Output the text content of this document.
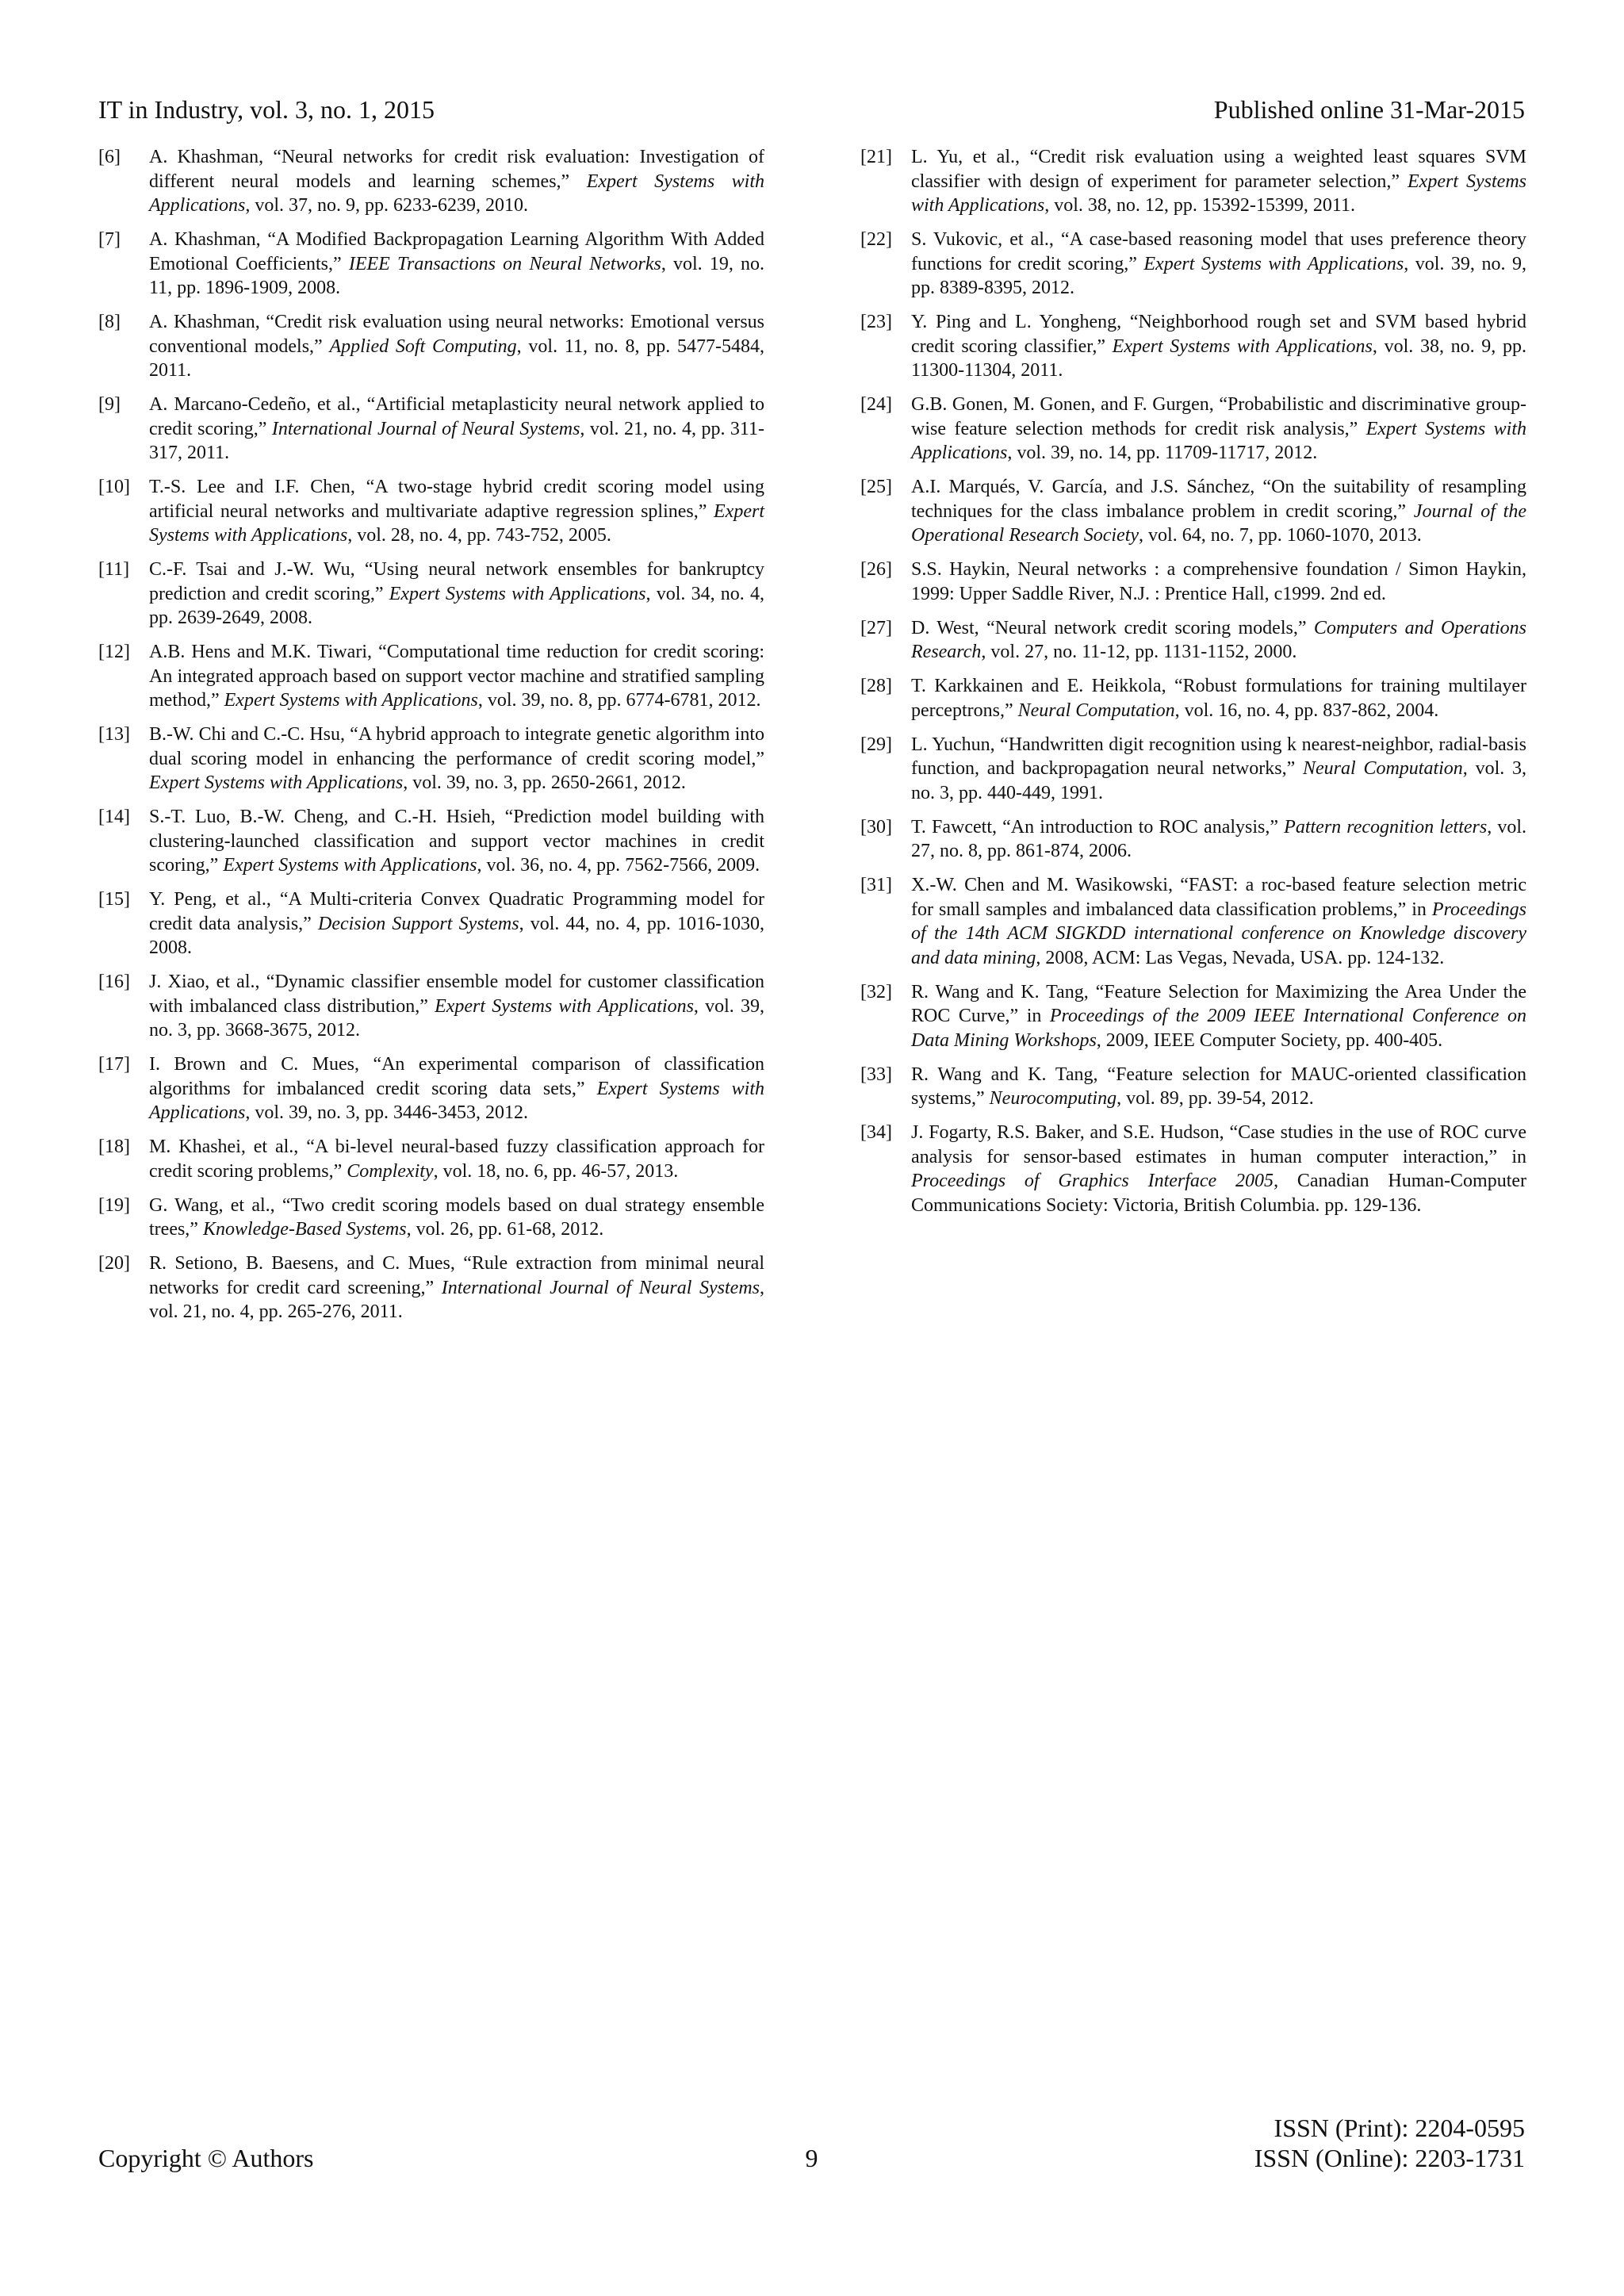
IT in Industry, vol. 3, no. 1, 2015	Published online 31-Mar-2015
[6]	A. Khashman, “Neural networks for credit risk evaluation: Investigation of different neural models and learning schemes,” Expert Systems with Applications, vol. 37, no. 9, pp. 6233-6239, 2010.
[7]	A. Khashman, “A Modified Backpropagation Learning Algorithm With Added Emotional Coefficients,” IEEE Transactions on Neural Networks, vol. 19, no. 11, pp. 1896-1909, 2008.
[8]	A. Khashman, “Credit risk evaluation using neural networks: Emotional versus conventional models,” Applied Soft Computing, vol. 11, no. 8, pp. 5477-5484, 2011.
[9]	A. Marcano-Cedeño, et al., “Artificial metaplasticity neural network applied to credit scoring,” International Journal of Neural Systems, vol. 21, no. 4, pp. 311-317, 2011.
[10]	T.-S. Lee and I.F. Chen, “A two-stage hybrid credit scoring model using artificial neural networks and multivariate adaptive regression splines,” Expert Systems with Applications, vol. 28, no. 4, pp. 743-752, 2005.
[11]	C.-F. Tsai and J.-W. Wu, “Using neural network ensembles for bankruptcy prediction and credit scoring,” Expert Systems with Applications, vol. 34, no. 4, pp. 2639-2649, 2008.
[12]	A.B. Hens and M.K. Tiwari, “Computational time reduction for credit scoring: An integrated approach based on support vector machine and stratified sampling method,” Expert Systems with Applications, vol. 39, no. 8, pp. 6774-6781, 2012.
[13]	B.-W. Chi and C.-C. Hsu, “A hybrid approach to integrate genetic algorithm into dual scoring model in enhancing the performance of credit scoring model,” Expert Systems with Applications, vol. 39, no. 3, pp. 2650-2661, 2012.
[14]	S.-T. Luo, B.-W. Cheng, and C.-H. Hsieh, “Prediction model building with clustering-launched classification and support vector machines in credit scoring,” Expert Systems with Applications, vol. 36, no. 4, pp. 7562-7566, 2009.
[15]	Y. Peng, et al., “A Multi-criteria Convex Quadratic Programming model for credit data analysis,” Decision Support Systems, vol. 44, no. 4, pp. 1016-1030, 2008.
[16]	J. Xiao, et al., “Dynamic classifier ensemble model for customer classification with imbalanced class distribution,” Expert Systems with Applications, vol. 39, no. 3, pp. 3668-3675, 2012.
[17]	I. Brown and C. Mues, “An experimental comparison of classification algorithms for imbalanced credit scoring data sets,” Expert Systems with Applications, vol. 39, no. 3, pp. 3446-3453, 2012.
[18]	M. Khashei, et al., “A bi-level neural-based fuzzy classification approach for credit scoring problems,” Complexity, vol. 18, no. 6, pp. 46-57, 2013.
[19]	G. Wang, et al., “Two credit scoring models based on dual strategy ensemble trees,” Knowledge-Based Systems, vol. 26, pp. 61-68, 2012.
[20]	R. Setiono, B. Baesens, and C. Mues, “Rule extraction from minimal neural networks for credit card screening,” International Journal of Neural Systems, vol. 21, no. 4, pp. 265-276, 2011.
[21]	L. Yu, et al., “Credit risk evaluation using a weighted least squares SVM classifier with design of experiment for parameter selection,” Expert Systems with Applications, vol. 38, no. 12, pp. 15392-15399, 2011.
[22]	S. Vukovic, et al., “A case-based reasoning model that uses preference theory functions for credit scoring,” Expert Systems with Applications, vol. 39, no. 9, pp. 8389-8395, 2012.
[23]	Y. Ping and L. Yongheng, “Neighborhood rough set and SVM based hybrid credit scoring classifier,” Expert Systems with Applications, vol. 38, no. 9, pp. 11300-11304, 2011.
[24]	G.B. Gonen, M. Gonen, and F. Gurgen, “Probabilistic and discriminative group-wise feature selection methods for credit risk analysis,” Expert Systems with Applications, vol. 39, no. 14, pp. 11709-11717, 2012.
[25]	A.I. Marqués, V. García, and J.S. Sánchez, “On the suitability of resampling techniques for the class imbalance problem in credit scoring,” Journal of the Operational Research Society, vol. 64, no. 7, pp. 1060-1070, 2013.
[26]	S.S. Haykin, Neural networks : a comprehensive foundation / Simon Haykin, 1999: Upper Saddle River, N.J. : Prentice Hall, c1999. 2nd ed.
[27]	D. West, “Neural network credit scoring models,” Computers and Operations Research, vol. 27, no. 11-12, pp. 1131-1152, 2000.
[28]	T. Karkkainen and E. Heikkola, “Robust formulations for training multilayer perceptrons,” Neural Computation, vol. 16, no. 4, pp. 837-862, 2004.
[29]	L. Yuchun, “Handwritten digit recognition using k nearest-neighbor, radial-basis function, and backpropagation neural networks,” Neural Computation, vol. 3, no. 3, pp. 440-449, 1991.
[30]	T. Fawcett, “An introduction to ROC analysis,” Pattern recognition letters, vol. 27, no. 8, pp. 861-874, 2006.
[31]	X.-W. Chen and M. Wasikowski, “FAST: a roc-based feature selection metric for small samples and imbalanced data classification problems,” in Proceedings of the 14th ACM SIGKDD international conference on Knowledge discovery and data mining, 2008, ACM: Las Vegas, Nevada, USA. pp. 124-132.
[32]	R. Wang and K. Tang, “Feature Selection for Maximizing the Area Under the ROC Curve,” in Proceedings of the 2009 IEEE International Conference on Data Mining Workshops, 2009, IEEE Computer Society, pp. 400-405.
[33]	R. Wang and K. Tang, “Feature selection for MAUC-oriented classification systems,” Neurocomputing, vol. 89, pp. 39-54, 2012.
[34]	J. Fogarty, R.S. Baker, and S.E. Hudson, “Case studies in the use of ROC curve analysis for sensor-based estimates in human computer interaction,” in Proceedings of Graphics Interface 2005, Canadian Human-Computer Communications Society: Victoria, British Columbia. pp. 129-136.
ISSN (Print): 2204-0595
ISSN (Online): 2203-1731
Copyright © Authors	9
